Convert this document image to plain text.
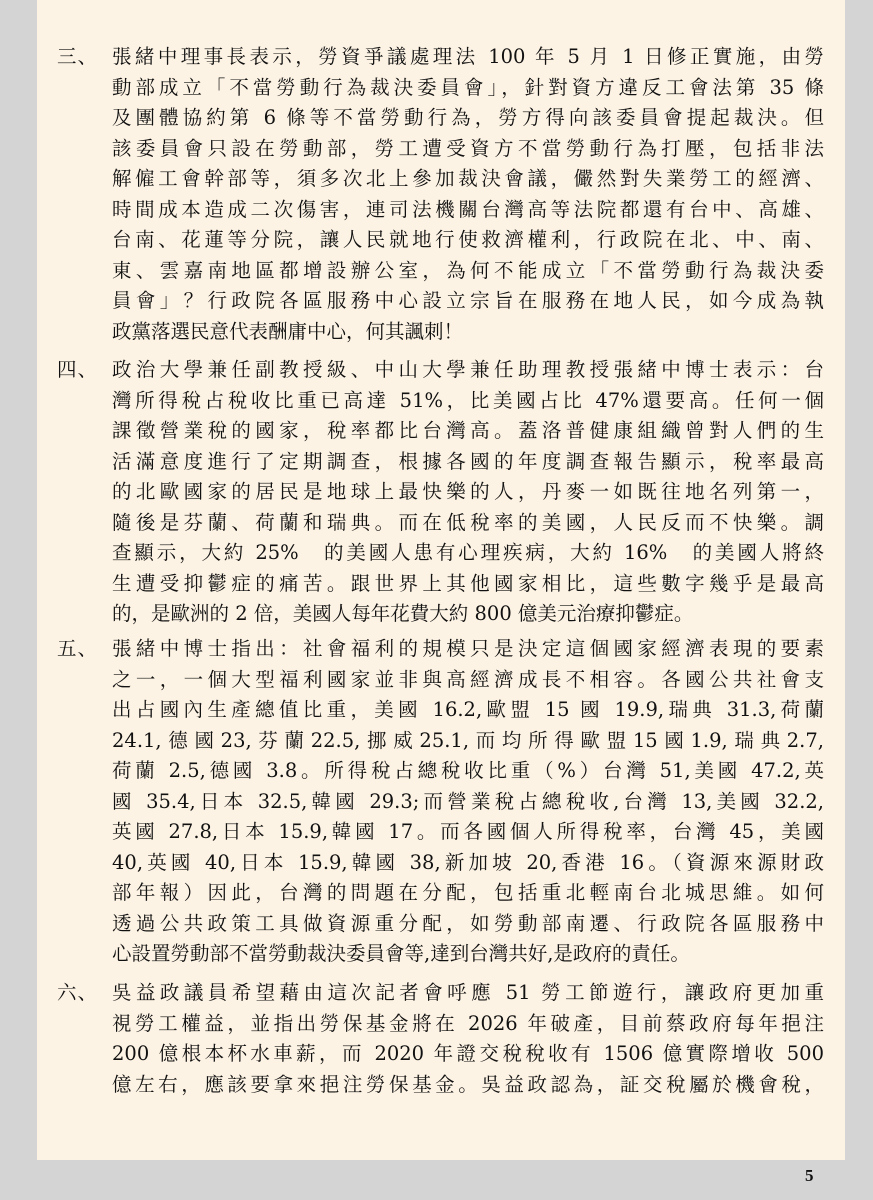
三、 張緒中理事長表示，勞資爭議處理法 100 年 5 月 1 日修正實施，由勞
動部成立「不當勞動行為裁決委員會」，針對資方違反工會法第 35 條
及團體協約第 6 條等不當勞動行為，勞方得向該委員會提起裁決。但
該委員會只設在勞動部，勞工遭受資方不當勞動行為打壓，包括非法
解僱工會幹部等，須多次北上參加裁決會議，儼然對失業勞工的經濟、
時間成本造成二次傷害，連司法機關台灣高等法院都還有台中、高雄、
台南、花蓮等分院，讓人民就地行使救濟權利，行政院在北、中、南、
東、雲嘉南地區都增設辦公室，為何不能成立「不當勞動行為裁決委
員會」？行政院各區服務中心設立宗旨在服務在地人民，如今成為執
政黨落選民意代表酬庸中心，何其諷刺！
四、 政治大學兼任副教授級、中山大學兼任助理教授張緒中博士表示：台
灣所得稅占稅收比重已高達 51%，比美國占比 47%還要高。任何一個
課徵營業稅的國家，稅率都比台灣高。蓋洛普健康組織曾對人們的生
活滿意度進行了定期調查，根據各國的年度調查報告顯示，稅率最高
的北歐國家的居民是地球上最快樂的人，丹麥一如既往地名列第一，
隨後是芬蘭、荷蘭和瑞典。而在低稅率的美國，人民反而不快樂。調
查顯示，大約 25%　的美國人患有心理疾病，大約 16%　的美國人將終
生遭受抑鬱症的痛苦。跟世界上其他國家相比，這些數字幾乎是最高
的，是歐洲的 2 倍，美國人每年花費大約 800 億美元治療抑鬱症。
五、 張緒中博士指出：社會福利的規模只是決定這個國家經濟表現的要素
之一，一個大型福利國家並非與高經濟成長不相容。各國公共社會支
出占國內生產總值比重，美國 16.2,歐盟 15 國 19.9,瑞典 31.3,荷蘭
24.1,德國23,芬蘭22.5,挪威25.1,而均所得歐盟15國1.9,瑞典2.7,
荷蘭 2.5,德國 3.8。所得稅占總稅收比重（%）台灣 51,美國 47.2,英
國 35.4,日本 32.5,韓國 29.3;而營業稅占總稅收,台灣 13,美國 32.2,
英國 27.8,日本 15.9,韓國 17。而各國個人所得稅率，台灣 45，美國
40,英國 40,日本 15.9,韓國 38,新加坡 20,香港 16。（資源來源財政
部年報）因此，台灣的問題在分配，包括重北輕南台北城思維。如何
透過公共政策工具做資源重分配，如勞動部南遷、行政院各區服務中
心設置勞動部不當勞動裁決委員會等,達到台灣共好,是政府的責任。
六、 吳益政議員希望藉由這次記者會呼應 51 勞工節遊行，讓政府更加重
視勞工權益，並指出勞保基金將在 2026 年破產，目前蔡政府每年挹注
200 億根本杯水車薪，而 2020 年證交稅稅收有 1506 億實際增收 500
億左右，應該要拿來挹注勞保基金。吳益政認為，証交稅屬於機會稅，
5
